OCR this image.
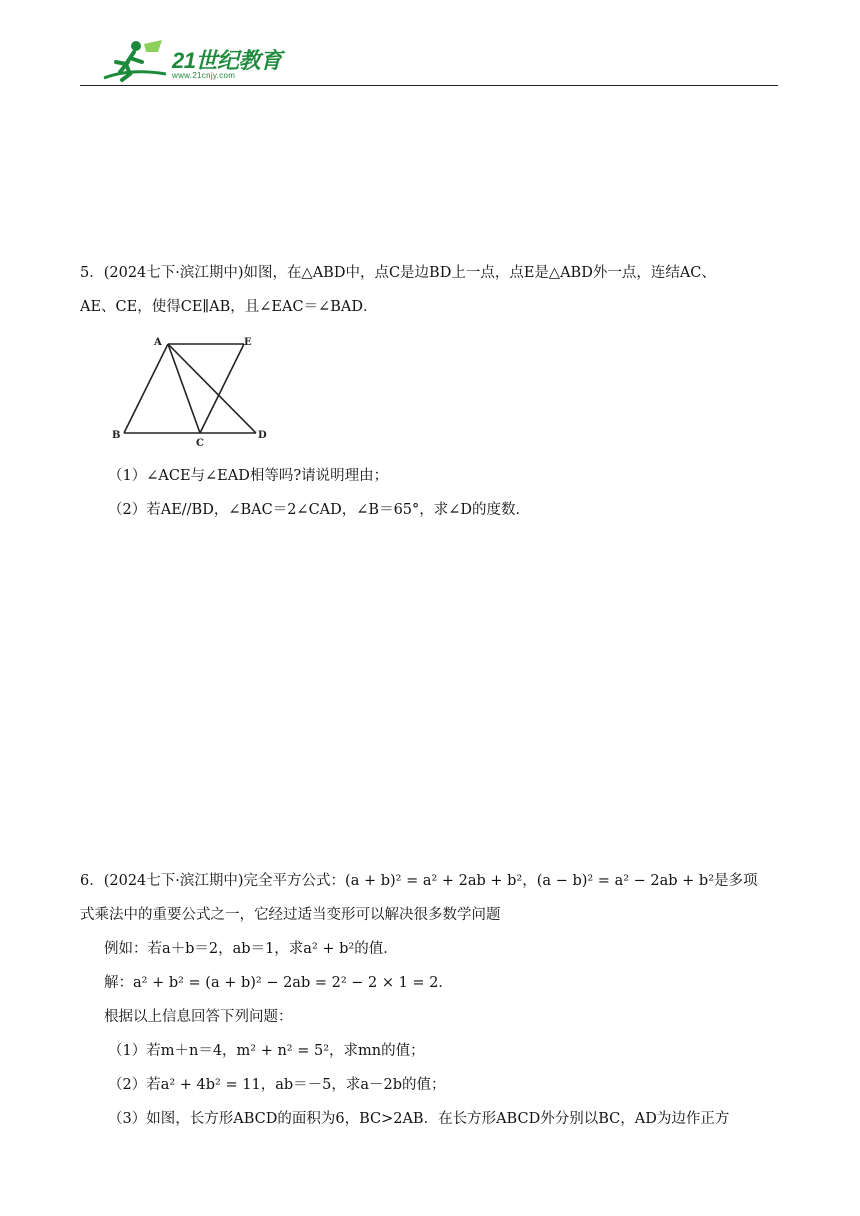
21世纪教育
www.21cnjy.com
5．(2024七下·滨江期中)如图，在△ABD中，点C是边BD上一点，点E是△ABD外一点，连结AC、
AE、CE，使得CE∥AB，且∠EAC＝∠BAD．
A	E
B
C
D
（1）∠ACE与∠EAD相等吗?请说明理由；
（2）若AE//BD，∠BAC＝2∠CAD，∠B＝65°，求∠D的度数．
6．(2024七下·滨江期中)完全平方公式：(a + b)² = a² + 2ab + b²，(a − b)² = a² − 2ab + b²是多项
式乘法中的重要公式之一，它经过适当变形可以解决很多数学问题
例如：若a＋b＝2，ab＝1，求a² + b²的值．
解：a² + b² = (a + b)² − 2ab = 2² − 2 × 1 = 2．
根据以上信息回答下列问题：
（1）若m＋n＝4，m² + n² = 5²，求mn的值；
（2）若a² + 4b² = 11，ab＝－5，求a－2b的值；
（3）如图，长方形ABCD的面积为6，BC>2AB．在长方形ABCD外分别以BC，AD为边作正方
